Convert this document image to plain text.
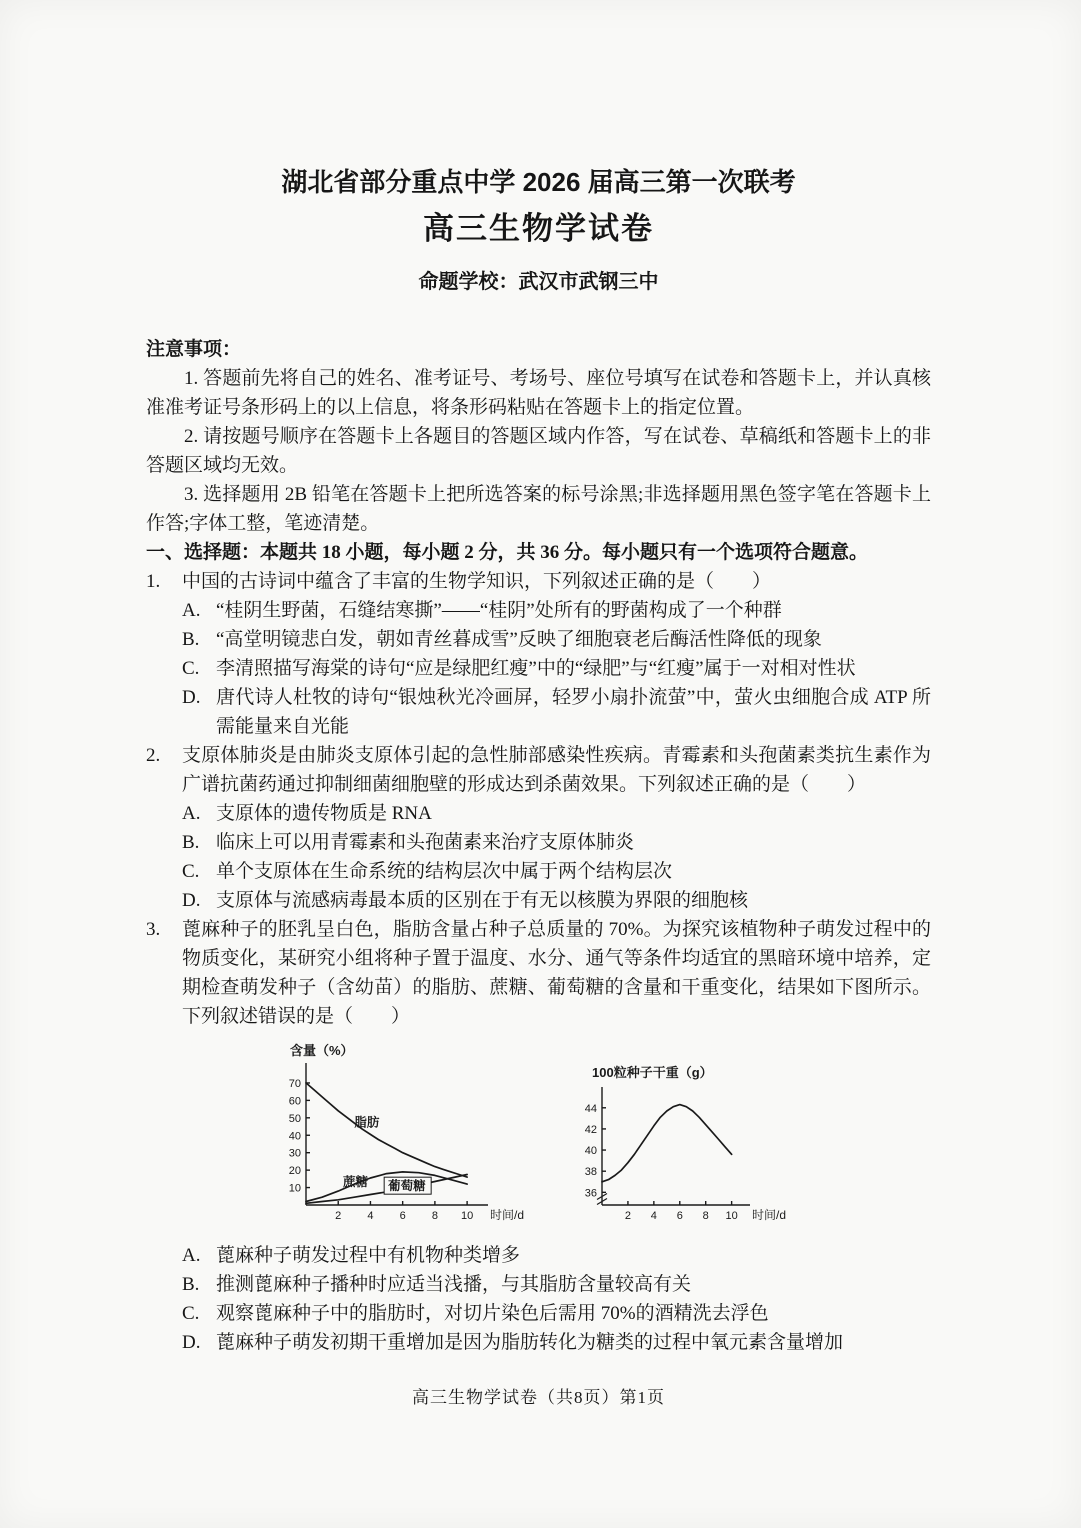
湖北省部分重点中学 2026 届高三第一次联考
高三生物学试卷
命题学校：武汉市武钢三中
注意事项：

1. 答题前先将自己的姓名、准考证号、考场号、座位号填写在试卷和答题卡上，并认真核准准考证号条形码上的以上信息，将条形码粘贴在答题卡上的指定位置。

2. 请按题号顺序在答题卡上各题目的答题区域内作答，写在试卷、草稿纸和答题卡上的非答题区域均无效。

3. 选择题用 2B 铅笔在答题卡上把所选答案的标号涂黑;非选择题用黑色签字笔在答题卡上作答;字体工整，笔迹清楚。

一、选择题：本题共 18 小题，每小题 2 分，共 36 分。每小题只有一个选项符合题意。

1.	中国的古诗词中蕴含了丰富的生物学知识，下列叙述正确的是（　　）
A. “桂阴生野菌，石缝结寒撕”——“桂阴”处所有的野菌构成了一个种群
B. “高堂明镜悲白发，朝如青丝暮成雪”反映了细胞衰老后酶活性降低的现象
C. 李清照描写海棠的诗句“应是绿肥红瘦”中的“绿肥”与“红瘦”属于一对相对性状
D. 唐代诗人杜牧的诗句“银烛秋光冷画屏，轻罗小扇扑流萤”中，萤火虫细胞合成 ATP 所需能量来自光能
2.	支原体肺炎是由肺炎支原体引起的急性肺部感染性疾病。青霉素和头孢菌素类抗生素作为广谱抗菌药通过抑制细菌细胞壁的形成达到杀菌效果。下列叙述正确的是（　　）
A. 支原体的遗传物质是 RNA
B. 临床上可以用青霉素和头孢菌素来治疗支原体肺炎
C. 单个支原体在生命系统的结构层次中属于两个结构层次
D. 支原体与流感病毒最本质的区别在于有无以核膜为界限的细胞核
3.	蓖麻种子的胚乳呈白色，脂肪含量占种子总质量的 70%。为探究该植物种子萌发过程中的物质变化，某研究小组将种子置于温度、水分、通气等条件均适宜的黑暗环境中培养，定期检查萌发种子（含幼苗）的脂肪、蔗糖、葡萄糖的含量和干重变化，结果如下图所示。下列叙述错误的是（　　）
2 4 6 8 10
10
20
30
40
50
60
70
脂肪
蔗糖 葡萄糖
含量（%）
时间/d	2 4 6 8 10
36
38
40
42
44
100粒种子干重（g）
时间/d
A. 蓖麻种子萌发过程中有机物种类增多
B. 推测蓖麻种子播种时应适当浅播，与其脂肪含量较高有关
C. 观察蓖麻种子中的脂肪时，对切片染色后需用 70%的酒精洗去浮色
D. 蓖麻种子萌发初期干重增加是因为脂肪转化为糖类的过程中氧元素含量增加
高三生物学试卷（共8页）第1页
